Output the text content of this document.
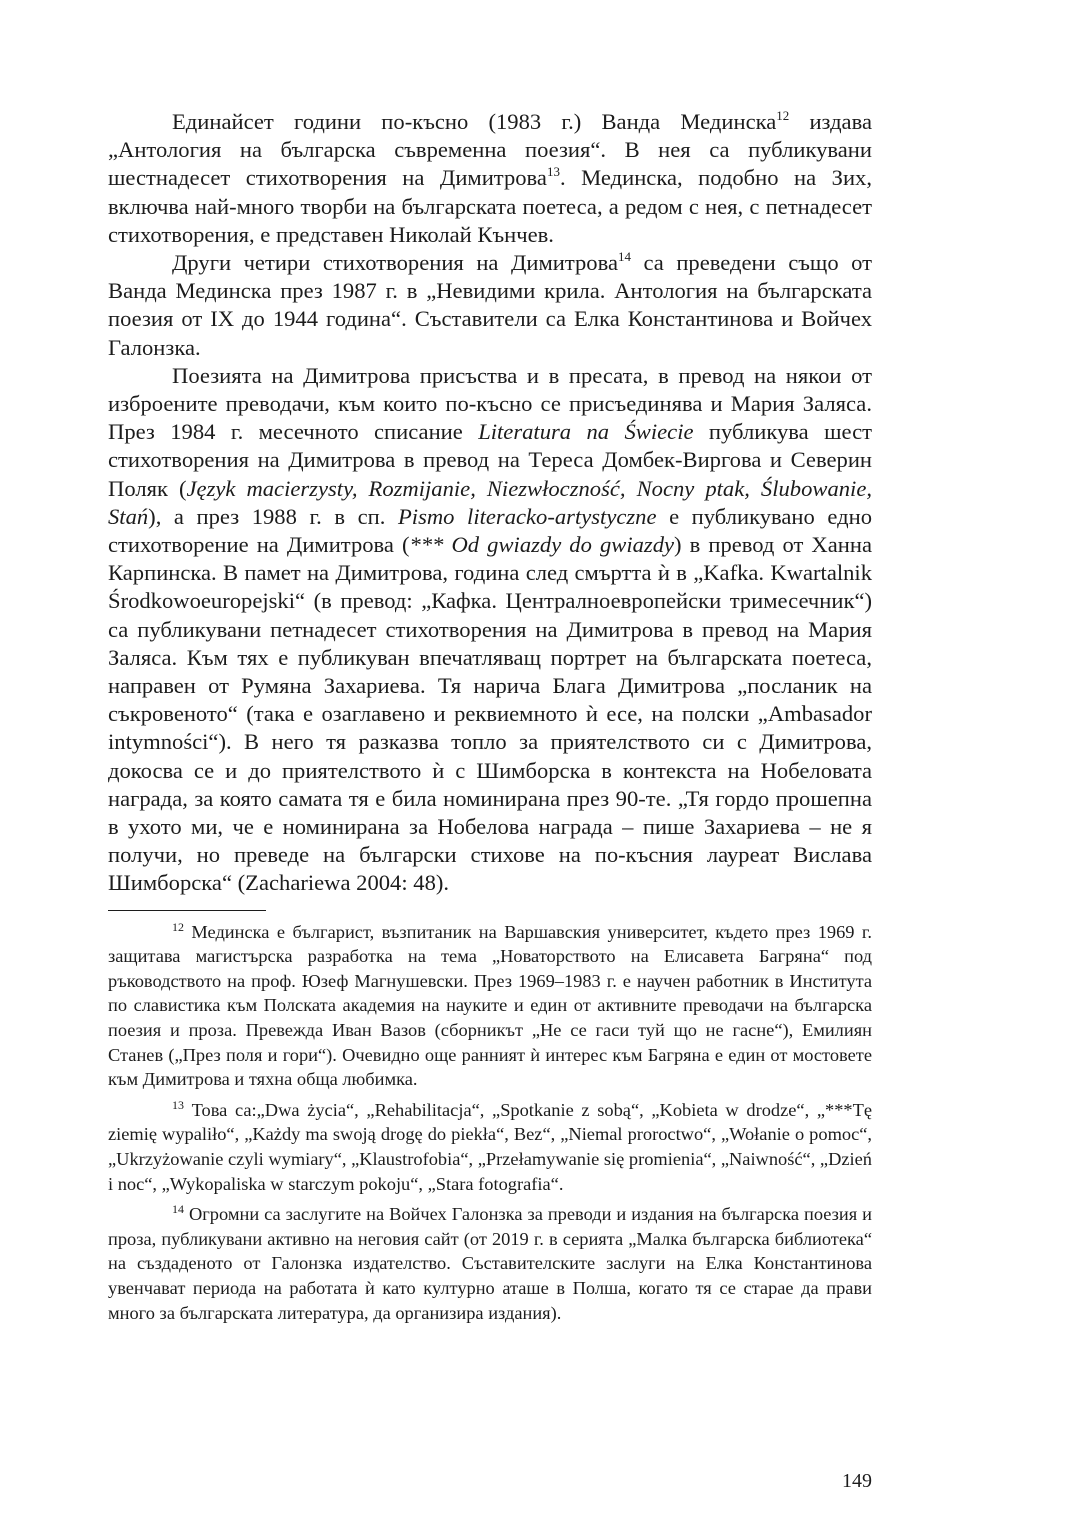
Единайсет години по-късно (1983 г.) Ванда Мединска$^{12}$ издава „Антология на българска съвременна поезия“. В нея са публикувани шестнадесет стихотворения на Димитрова$^{13}$. Мединска, подобно на Зих, включва най-много творби на българската поетеса, а редом с нея, с петнадесет стихотворения, е представен Николай Кънчев.

Други четири стихотворения на Димитрова$^{14}$ са преведени също от Ванда Мединска през 1987 г. в „Невидими крила. Антология на българската поезия от IX до 1944 година“. Съставители са Елка Константинова и Войчех Галонзка.

Поезията на Димитрова присъства и в пресата, в превод на някои от изброените преводачи, към които по-късно се присъединява и Мария Заляса. През 1984 г. месечното списание Literatura na Świecie публикува шест стихотворения на Димитрова в превод на Тереса Домбек-Виргова и Северин Поляк (Język macierzysty, Rozmijanie, Niezwłoczność, Nocny ptak, Ślubowanie, Stań), а през 1988 г. в сп. Pismo literacko-artystyczne е публикувано едно стихотворение на Димитрова (*** Od gwiazdy do gwiazdy) в превод от Ханна Карпинска. В памет на Димитрова, година след смъртта ѝ в „Kafka. Kwartalnik Środkowoeuropejski“ (в превод: „Кафка. Централноевропейски тримесечник“) са публикувани петнадесет стихотворения на Димитрова в превод на Мария Заляса. Към тях е публикуван впечатляващ портрет на българската поетеса, направен от Румяна Захариева. Тя нарича Блага Димитрова „посланик на съкровеното“ (така е озаглавено и реквиемното ѝ есе, на полски „Ambasador intymności“). В него тя разказва топло за приятелството си с Димитрова, докосва се и до приятелството ѝ с Шимборска в контекста на Нобеловата награда, за която самата тя е била номинирана през 90-те. „Тя гордо прошепна в ухото ми, че е номинирана за Нобелова награда – пише Захариева – не я получи, но преведе на български стихове на по-късния лауреат Вислава Шимборска“ (Zachariewa 2004: 48).

$^{12}$ Мединска е българист, възпитаник на Варшавския университет, където през 1969 г. защитава магистърска разработка на тема „Новаторството на Елисавета Багряна“ под ръководството на проф. Юзеф Магнушевски. През 1969–1983 г. е научен работник в Института по славистика към Полската академия на науките и един от активните преводачи на българска поезия и проза. Превежда Иван Вазов (сборникът „Не се гаси туй що не гасне“), Емилиян Станев („През поля и гори“). Очевидно още ранният ѝ интерес към Багряна е един от мостовете към Димитрова и тяхна обща любимка.

$^{13}$ Това са:„Dwa życia“, „Rehabilitacja“, „Spotkanie z sobą“, „Kobieta w drodze“, „***Tę ziemię wypaliło“, „Każdy ma swoją drogę do piekła“, Bez“, „Niemal proroctwo“, „Wołanie o pomoc“, „Ukrzyżowanie czyli wymiary“, „Klaustrofobia“, „Przełamywanie się promienia“, „Naiwność“, „Dzień i noc“, „Wykopaliska w starczym pokoju“, „Stara fotografia“.

$^{14}$ Огромни са заслугите на Войчех Галонзка за преводи и издания на българска поезия и проза, публикувани активно на неговия сайт (от 2019 г. в серията „Малка българска библиотека“ на създаденото от Галонзка издателство. Съставителските заслуги на Елка Константинова увенчават периода на работата ѝ като културно аташе в Полша, когато тя се старае да прави много за българската литература, да организира издания).

149
